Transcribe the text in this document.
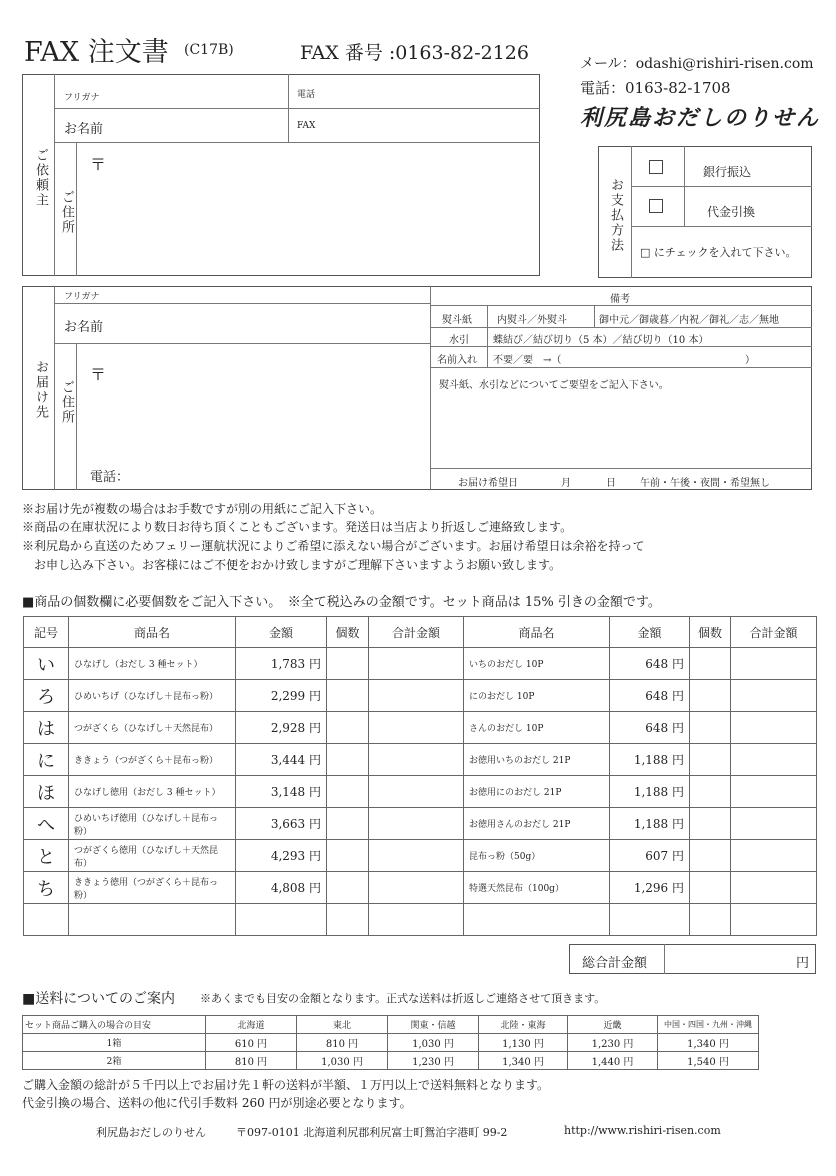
FAX 注文書 (C17B)	FAX 番号 :0163-82-2126	メール：odashi@rishiri-risen.com
電話：0163-82-1708
利尻島おだしのりせん
ご依頼主
フリガナ	電話
お名前	FAX
ご住所
〒
お支払方法
銀行振込
代金引換
□ にチェックを入れて下さい。
お届け先
フリガナ
お名前
ご住所
〒
電話：
備考
熨斗紙	内熨斗／外熨斗	御中元／御歳暮／内祝／御礼／志／無地
水引 蝶結び／結び切り（5 本）／結び切り（10 本）
名前入れ 不要／要　→（	）
熨斗紙、水引などについてご要望をご記入下さい。
お届け希望日	月	日 午前・午後・夜間・希望無し
※お届け先が複数の場合はお手数ですが別の用紙にご記入下さい。
※商品の在庫状況により数日お待ち頂くこともございます。発送日は当店より折返しご連絡致します。
※利尻島から直送のためフェリー運航状況によりご希望に添えない場合がございます。お届け希望日は余裕を持って
　お申し込み下さい。お客様にはご不便をおかけ致しますがご理解下さいますようお願い致します。
■商品の個数欄に必要個数をご記入下さい。　※全て税込みの金額です。セット商品は 15% 引きの金額です。
記号	商品名	金額	個数	合計金額	商品名	金額	個数	合計金額
い	ひなげし（おだし 3 種セット）	1,783 円			いちのおだし 10P	648 円		
ろ	ひめいちげ（ひなげし＋昆布っ粉）	2,299 円			にのおだし 10P	648 円		
は	つがざくら（ひなげし＋天然昆布）	2,928 円			さんのおだし 10P	648 円		
に	ききょう（つがざくら＋昆布っ粉）	3,444 円			お徳用いちのおだし 21P	1,188 円		
ほ	ひなげし徳用（おだし 3 種セット）	3,148 円			お徳用にのおだし 21P	1,188 円		
へ	ひめいちげ徳用（ひなげし＋昆布っ粉）	3,663 円			お徳用さんのおだし 21P	1,188 円		
と	つがざくら徳用（ひなげし＋天然昆布）	4,293 円			昆布っ粉（50g）	607 円		
ち	ききょう徳用（つがざくら＋昆布っ粉）	4,808 円			特選天然昆布（100g）	1,296 円		

総合計金額	円
■送料についてのご案内 ※あくまでも目安の金額となります。正式な送料は折返しご連絡させて頂きます。
セット商品ご購入の場合の目安	北海道	東北	関東・信越	北陸・東海	近畿	中国・四国・九州・沖縄
1箱	610 円	810 円	1,030 円	1,130 円	1,230 円	1,340 円
2箱	810 円	1,030 円	1,230 円	1,340 円	1,440 円	1,540 円
ご購入金額の総計が５千円以上でお届け先１軒の送料が半額、１万円以上で送料無料となります。
代金引換の場合、送料の他に代引手数料 260 円が別途必要となります。
利尻島おだしのりせん	〒097-0101 北海道利尻郡利尻富士町鴛泊字港町 99-2	http://www.rishiri-risen.com
